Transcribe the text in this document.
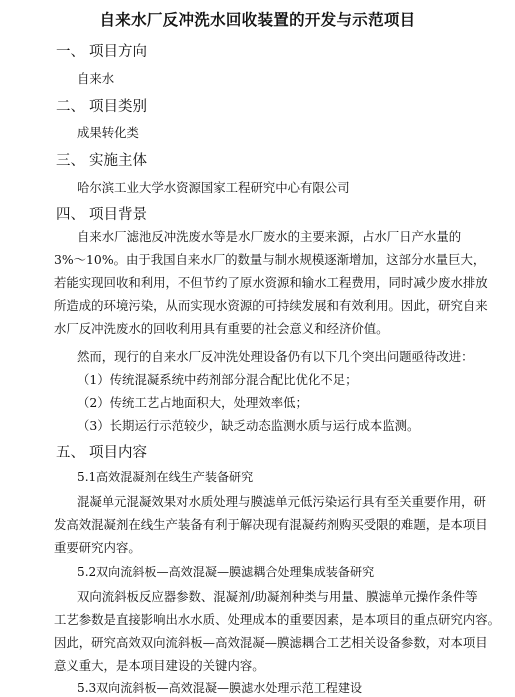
自来水厂反冲洗水回收装置的开发与示范项目
一、 项目方向
自来水
二、 项目类别
成果转化类
三、 实施主体
哈尔滨工业大学水资源国家工程研究中心有限公司
四、 项目背景
自来水厂滤池反冲洗废水等是水厂废水的主要来源，占水厂日产水量的
3%～10%。由于我国自来水厂的数量与制水规模逐渐增加，这部分水量巨大，
若能实现回收和利用，不但节约了原水资源和输水工程费用，同时减少废水排放
所造成的环境污染，从而实现水资源的可持续发展和有效利用。因此，研究自来
水厂反冲洗废水的回收利用具有重要的社会意义和经济价值。
然而，现行的自来水厂反冲洗处理设备仍有以下几个突出问题亟待改进：
（1）传统混凝系统中药剂部分混合配比优化不足；
（2）传统工艺占地面积大，处理效率低；
（3）长期运行示范较少，缺乏动态监测水质与运行成本监测。
五、 项目内容
5.1高效混凝剂在线生产装备研究
混凝单元混凝效果对水质处理与膜滤单元低污染运行具有至关重要作用，研
发高效混凝剂在线生产装备有利于解决现有混凝药剂购买受限的难题，是本项目
重要研究内容。
5.2双向流斜板—高效混凝—膜滤耦合处理集成装备研究
双向流斜板反应器参数、混凝剂/助凝剂种类与用量、膜滤单元操作条件等
工艺参数是直接影响出水水质、处理成本的重要因素，是本项目的重点研究内容。
因此，研究高效双向流斜板—高效混凝—膜滤耦合工艺相关设备参数，对本项目
意义重大，是本项目建设的关键内容。
5.3双向流斜板—高效混凝—膜滤水处理示范工程建设
